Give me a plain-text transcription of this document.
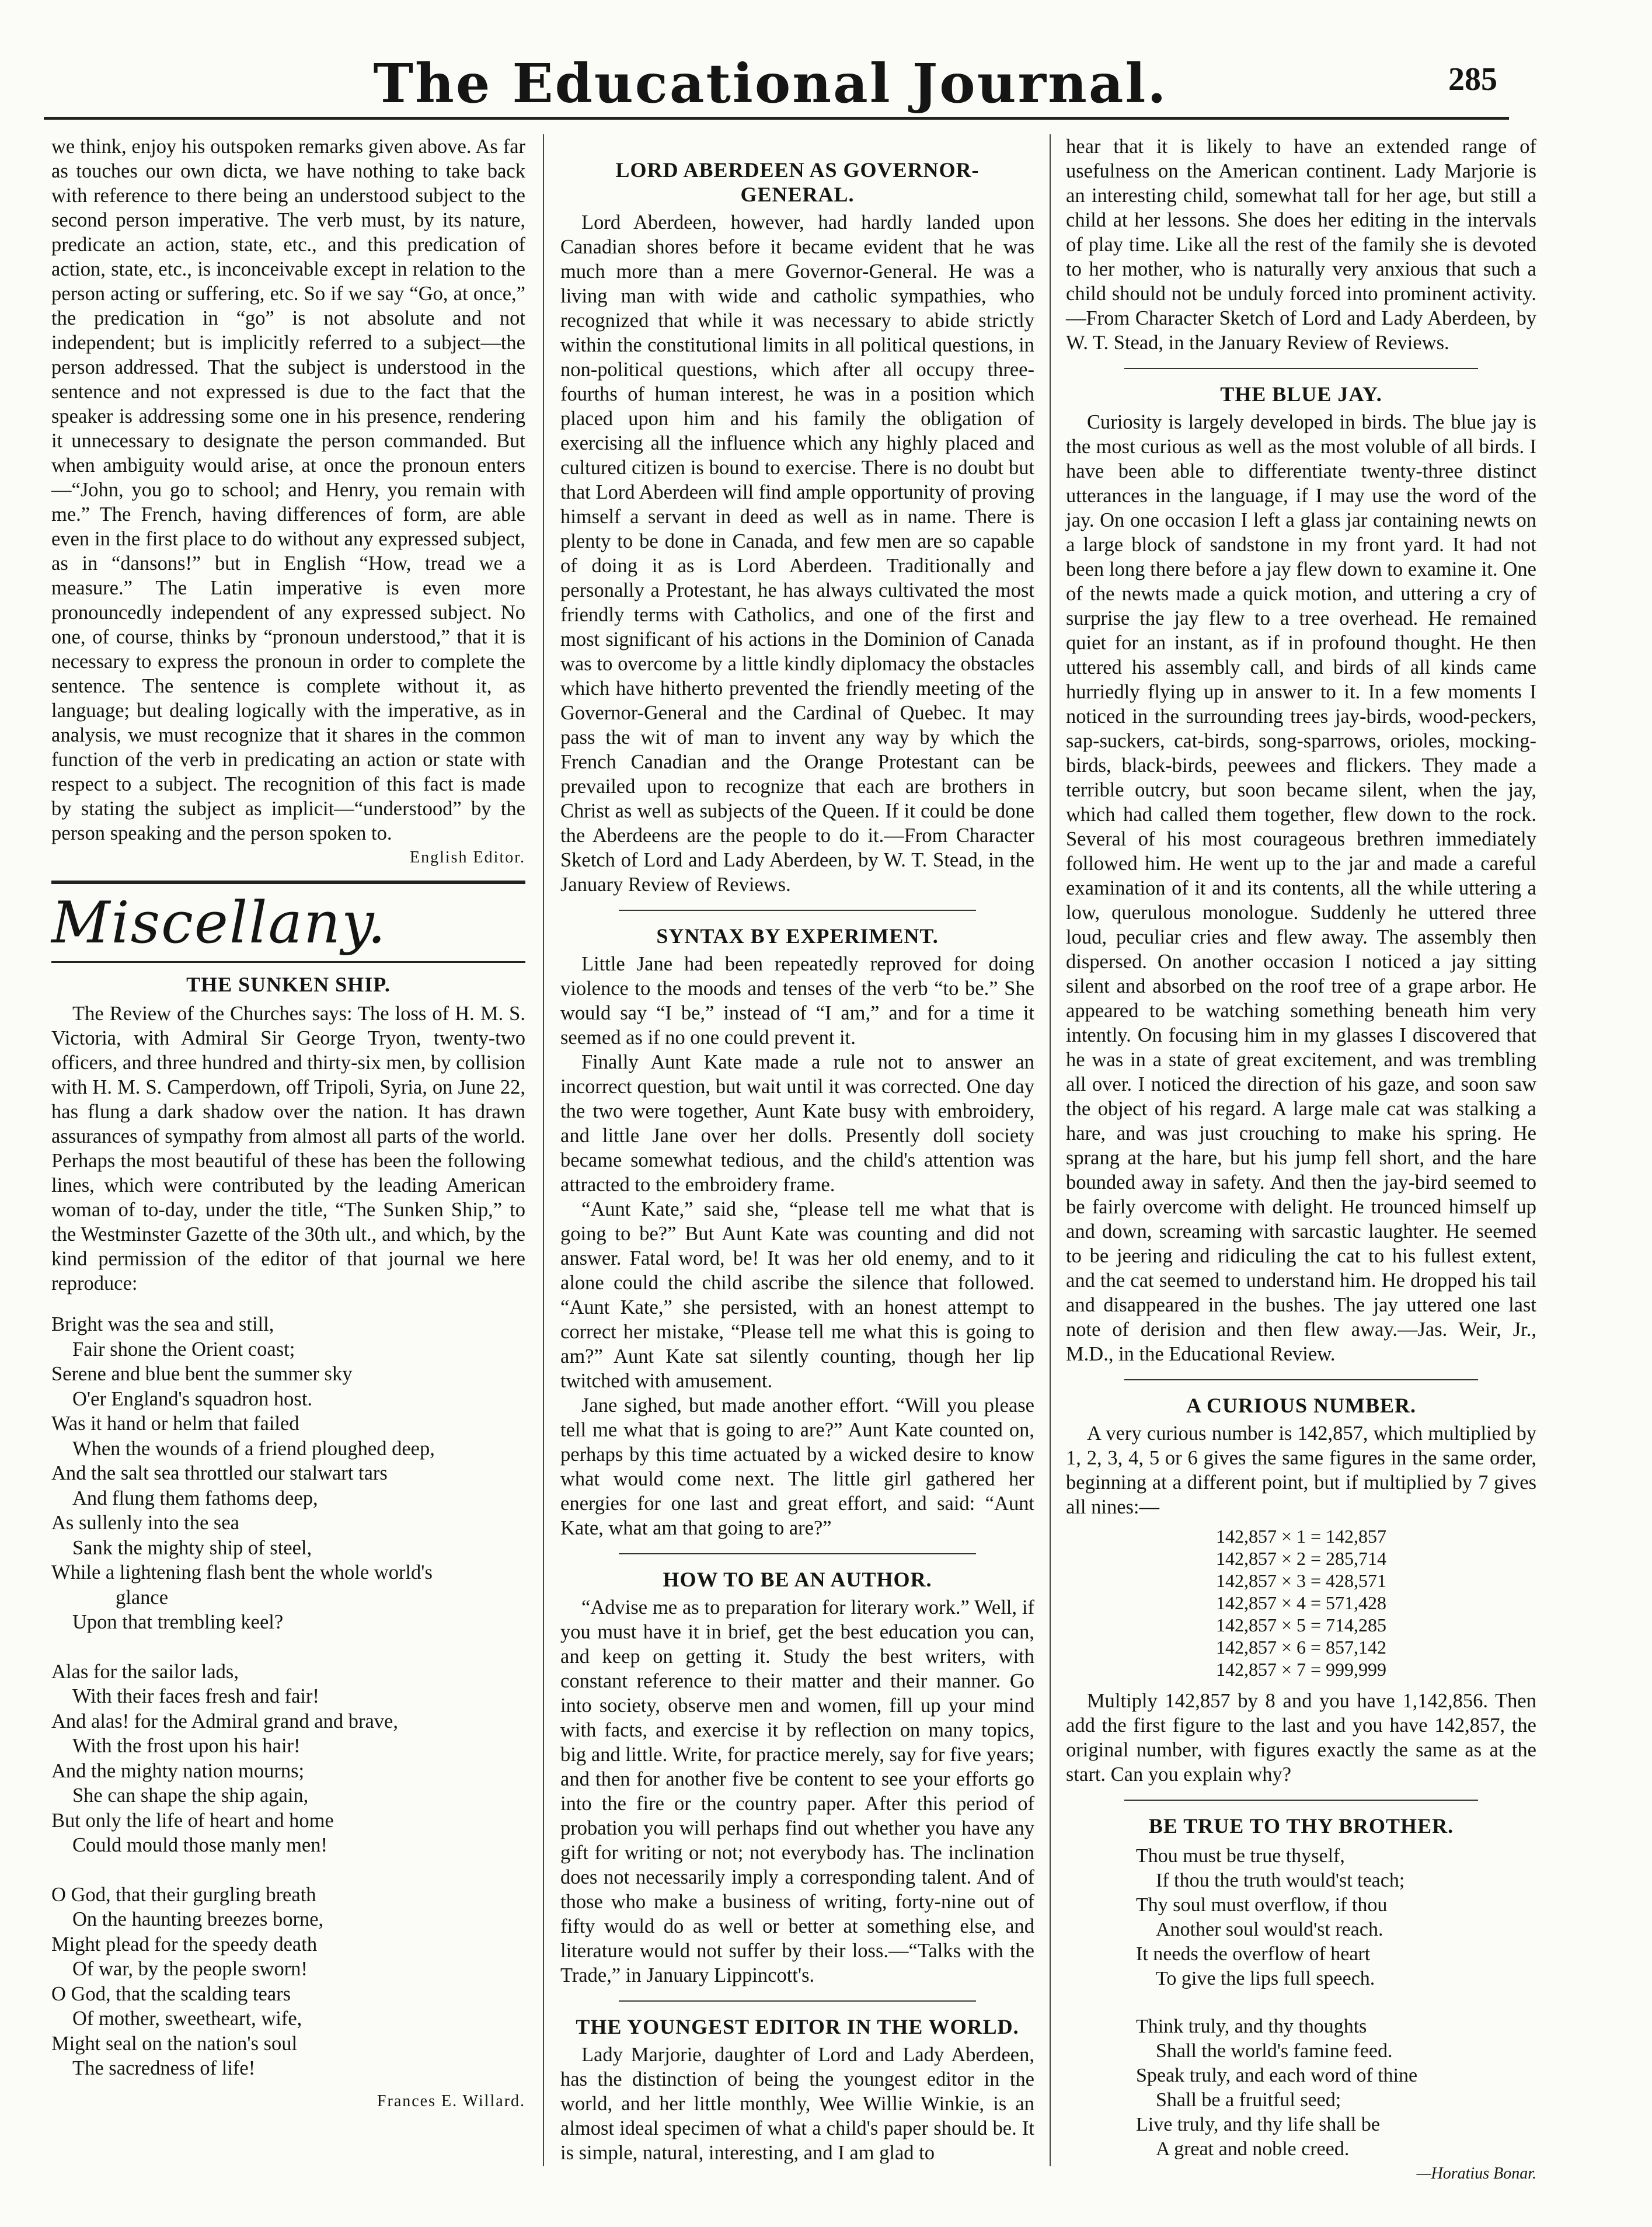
The Educational Journal.	285

we think, enjoy his outspoken remarks given above. As far as touches our own dicta, we have nothing to take back with reference to there being an understood subject to the second person imperative. The verb must, by its nature, predicate an action, state, etc., and this predication of action, state, etc., is inconceivable except in relation to the person acting or suffering, etc. So if we say “Go, at once,” the predication in “go” is not absolute and not independent; but is implicitly referred to a subject—the person addressed. That the subject is understood in the sentence and not expressed is due to the fact that the speaker is addressing some one in his presence, rendering it unnecessary to designate the person commanded. But when ambiguity would arise, at once the pronoun enters—“John, you go to school; and Henry, you remain with me.” The French, having differences of form, are able even in the first place to do without any expressed subject, as in “dansons!” but in English “How, tread we a measure.” The Latin imperative is even more pronouncedly independent of any expressed subject. No one, of course, thinks by “pronoun understood,” that it is necessary to express the pronoun in order to complete the sentence. The sentence is complete without it, as language; but dealing logically with the imperative, as in analysis, we must recognize that it shares in the common function of the verb in predicating an action or state with respect to a subject. The recognition of this fact is made by stating the subject as implicit—“understood” by the person speaking and the person spoken to.

English Editor.
Miscellany.
THE SUNKEN SHIP.

The Review of the Churches says: The loss of H. M. S. Victoria, with Admiral Sir George Tryon, twenty-two officers, and three hundred and thirty-six men, by collision with H. M. S. Camperdown, off Tripoli, Syria, on June 22, has flung a dark shadow over the nation. It has drawn assurances of sympathy from almost all parts of the world. Perhaps the most beautiful of these has been the following lines, which were contributed by the leading American woman of to-day, under the title, “The Sunken Ship,” to the Westminster Gazette of the 30th ult., and which, by the kind permission of the editor of that journal we here reproduce:

Bright was the sea and still,
Fair shone the Orient coast;
Serene and blue bent the summer sky
O'er England's squadron host.
Was it hand or helm that failed
When the wounds of a friend ploughed deep,
And the salt sea throttled our stalwart tars
And flung them fathoms deep,
As sullenly into the sea
Sank the mighty ship of steel,
While a lightening flash bent the whole world's
glance
Upon that trembling keel?
Alas for the sailor lads,
With their faces fresh and fair!
And alas! for the Admiral grand and brave,
With the frost upon his hair!
And the mighty nation mourns;
She can shape the ship again,
But only the life of heart and home
Could mould those manly men!
O God, that their gurgling breath
On the haunting breezes borne,
Might plead for the speedy death
Of war, by the people sworn!
O God, that the scalding tears
Of mother, sweetheart, wife,
Might seal on the nation's soul
The sacredness of life!
Frances E. Willard.
LORD ABERDEEN AS GOVERNOR-GENERAL.

Lord Aberdeen, however, had hardly landed upon Canadian shores before it became evident that he was much more than a mere Governor-General. He was a living man with wide and catholic sympathies, who recognized that while it was necessary to abide strictly within the constitutional limits in all political questions, in non-political questions, which after all occupy three-fourths of human interest, he was in a position which placed upon him and his family the obligation of exercising all the influence which any highly placed and cultured citizen is bound to exercise. There is no doubt but that Lord Aberdeen will find ample opportunity of proving himself a servant in deed as well as in name. There is plenty to be done in Canada, and few men are so capable of doing it as is Lord Aberdeen. Traditionally and personally a Protestant, he has always cultivated the most friendly terms with Catholics, and one of the first and most significant of his actions in the Dominion of Canada was to overcome by a little kindly diplomacy the obstacles which have hitherto prevented the friendly meeting of the Governor-General and the Cardinal of Quebec. It may pass the wit of man to invent any way by which the French Canadian and the Orange Protestant can be prevailed upon to recognize that each are brothers in Christ as well as subjects of the Queen. If it could be done the Aberdeens are the people to do it.—From Character Sketch of Lord and Lady Aberdeen, by W. T. Stead, in the January Review of Reviews.

SYNTAX BY EXPERIMENT.

Little Jane had been repeatedly reproved for doing violence to the moods and tenses of the verb “to be.” She would say “I be,” instead of “I am,” and for a time it seemed as if no one could prevent it.

Finally Aunt Kate made a rule not to answer an incorrect question, but wait until it was corrected. One day the two were together, Aunt Kate busy with embroidery, and little Jane over her dolls. Presently doll society became somewhat tedious, and the child's attention was attracted to the embroidery frame.

“Aunt Kate,” said she, “please tell me what that is going to be?” But Aunt Kate was counting and did not answer. Fatal word, be! It was her old enemy, and to it alone could the child ascribe the silence that followed. “Aunt Kate,” she persisted, with an honest attempt to correct her mistake, “Please tell me what this is going to am?” Aunt Kate sat silently counting, though her lip twitched with amusement.

Jane sighed, but made another effort. “Will you please tell me what that is going to are?” Aunt Kate counted on, perhaps by this time actuated by a wicked desire to know what would come next. The little girl gathered her energies for one last and great effort, and said: “Aunt Kate, what am that going to are?”

HOW TO BE AN AUTHOR.

“Advise me as to preparation for literary work.” Well, if you must have it in brief, get the best education you can, and keep on getting it. Study the best writers, with constant reference to their matter and their manner. Go into society, observe men and women, fill up your mind with facts, and exercise it by reflection on many topics, big and little. Write, for practice merely, say for five years; and then for another five be content to see your efforts go into the fire or the country paper. After this period of probation you will perhaps find out whether you have any gift for writing or not; not everybody has. The inclination does not necessarily imply a corresponding talent. And of those who make a business of writing, forty-nine out of fifty would do as well or better at something else, and literature would not suffer by their loss.—“Talks with the Trade,” in January Lippincott's.

THE YOUNGEST EDITOR IN THE WORLD.

Lady Marjorie, daughter of Lord and Lady Aberdeen, has the distinction of being the youngest editor in the world, and her little monthly, Wee Willie Winkie, is an almost ideal specimen of what a child's paper should be. It is simple, natural, interesting, and I am glad to

hear that it is likely to have an extended range of usefulness on the American continent. Lady Marjorie is an interesting child, somewhat tall for her age, but still a child at her lessons. She does her editing in the intervals of play time. Like all the rest of the family she is devoted to her mother, who is naturally very anxious that such a child should not be unduly forced into prominent activity.—From Character Sketch of Lord and Lady Aberdeen, by W. T. Stead, in the January Review of Reviews.

THE BLUE JAY.

Curiosity is largely developed in birds. The blue jay is the most curious as well as the most voluble of all birds. I have been able to differentiate twenty-three distinct utterances in the language, if I may use the word of the jay. On one occasion I left a glass jar containing newts on a large block of sandstone in my front yard. It had not been long there before a jay flew down to examine it. One of the newts made a quick motion, and uttering a cry of surprise the jay flew to a tree overhead. He remained quiet for an instant, as if in profound thought. He then uttered his assembly call, and birds of all kinds came hurriedly flying up in answer to it. In a few moments I noticed in the surrounding trees jay-birds, wood-peckers, sap-suckers, cat-birds, song-sparrows, orioles, mocking-birds, black-birds, peewees and flickers. They made a terrible outcry, but soon became silent, when the jay, which had called them together, flew down to the rock. Several of his most courageous brethren immediately followed him. He went up to the jar and made a careful examination of it and its contents, all the while uttering a low, querulous monologue. Suddenly he uttered three loud, peculiar cries and flew away. The assembly then dispersed. On another occasion I noticed a jay sitting silent and absorbed on the roof tree of a grape arbor. He appeared to be watching something beneath him very intently. On focusing him in my glasses I discovered that he was in a state of great excitement, and was trembling all over. I noticed the direction of his gaze, and soon saw the object of his regard. A large male cat was stalking a hare, and was just crouching to make his spring. He sprang at the hare, but his jump fell short, and the hare bounded away in safety. And then the jay-bird seemed to be fairly overcome with delight. He trounced himself up and down, screaming with sarcastic laughter. He seemed to be jeering and ridiculing the cat to his fullest extent, and the cat seemed to understand him. He dropped his tail and disappeared in the bushes. The jay uttered one last note of derision and then flew away.—Jas. Weir, Jr., M.D., in the Educational Review.

A CURIOUS NUMBER.

A very curious number is 142,857, which multiplied by 1, 2, 3, 4, 5 or 6 gives the same figures in the same order, beginning at a different point, but if multiplied by 7 gives all nines:—

142,857 × 1 = 142,857
142,857 × 2 = 285,714
142,857 × 3 = 428,571
142,857 × 4 = 571,428
142,857 × 5 = 714,285
142,857 × 6 = 857,142
142,857 × 7 = 999,999

Multiply 142,857 by 8 and you have 1,142,856. Then add the first figure to the last and you have 142,857, the original number, with figures exactly the same as at the start. Can you explain why?

BE TRUE TO THY BROTHER.
Thou must be true thyself,
If thou the truth would'st teach;
Thy soul must overflow, if thou
Another soul would'st reach.
It needs the overflow of heart
To give the lips full speech.
Think truly, and thy thoughts
Shall the world's famine feed.
Speak truly, and each word of thine
Shall be a fruitful seed;
Live truly, and thy life shall be
A great and noble creed.
—Horatius Bonar.
